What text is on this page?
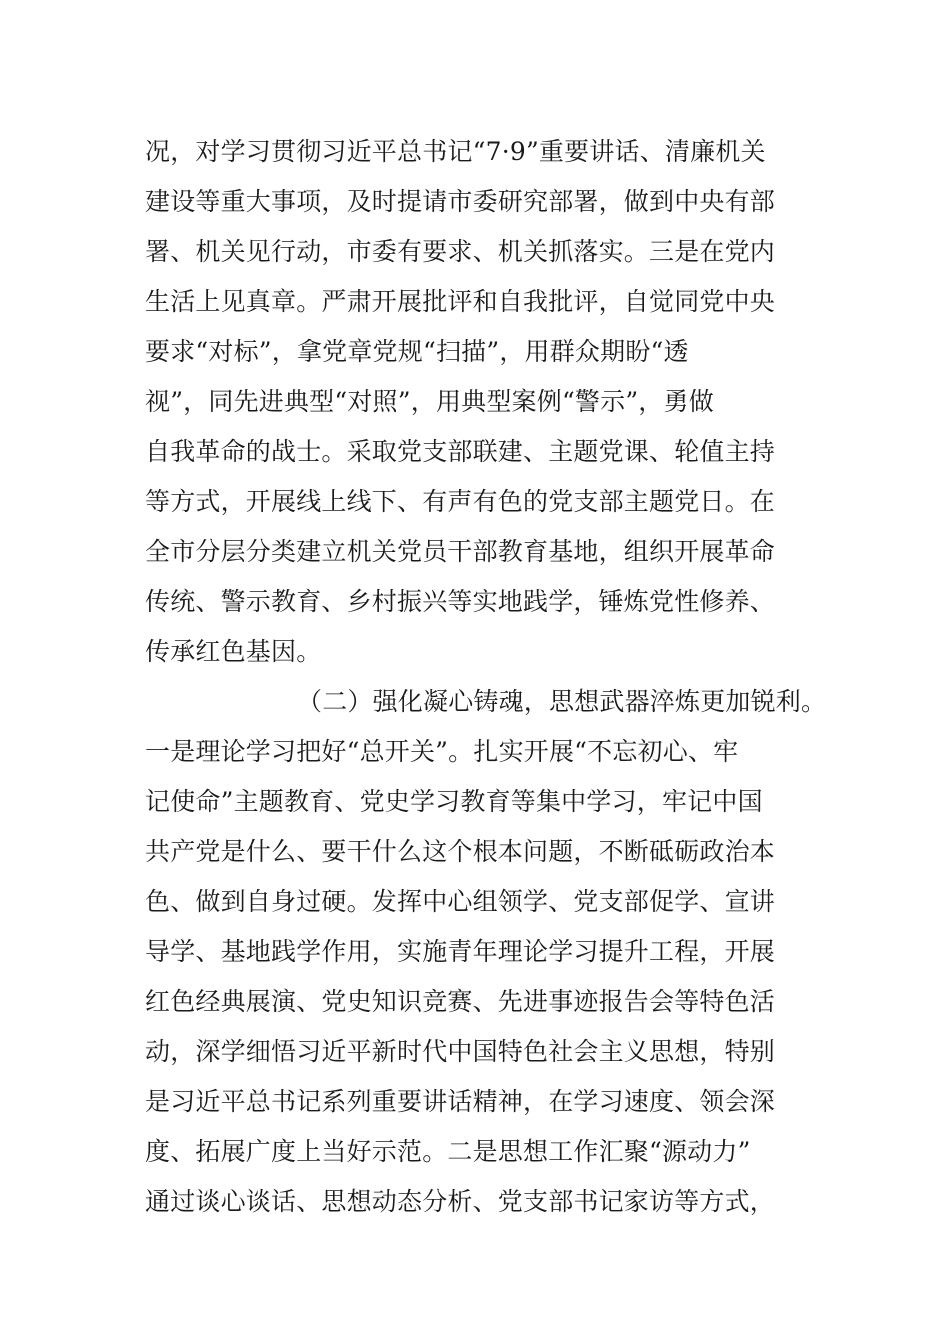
况，对学习贯彻习近平总书记“7·9”重要讲话、清廉机关
建设等重大事项，及时提请市委研究部署，做到中央有部
署、机关见行动，市委有要求、机关抓落实。三是在党内
生活上见真章。严肃开展批评和自我批评，自觉同党中央
要求“对标”，拿党章党规“扫描”，用群众期盼“透
视”，同先进典型“对照”，用典型案例“警示”，勇做
自我革命的战士。采取党支部联建、主题党课、轮值主持
等方式，开展线上线下、有声有色的党支部主题党日。在
全市分层分类建立机关党员干部教育基地，组织开展革命
传统、警示教育、乡村振兴等实地践学，锤炼党性修养、
传承红色基因。
（二）强化凝心铸魂，思想武器淬炼更加锐利。
一是理论学习把好“总开关”。扎实开展“不忘初心、牢
记使命”主题教育、党史学习教育等集中学习，牢记中国
共产党是什么、要干什么这个根本问题，不断砥砺政治本
色、做到自身过硬。发挥中心组领学、党支部促学、宣讲
导学、基地践学作用，实施青年理论学习提升工程，开展
红色经典展演、党史知识竞赛、先进事迹报告会等特色活
动，深学细悟习近平新时代中国特色社会主义思想，特别
是习近平总书记系列重要讲话精神，在学习速度、领会深
度、拓展广度上当好示范。二是思想工作汇聚“源动力”
通过谈心谈话、思想动态分析、党支部书记家访等方式，
